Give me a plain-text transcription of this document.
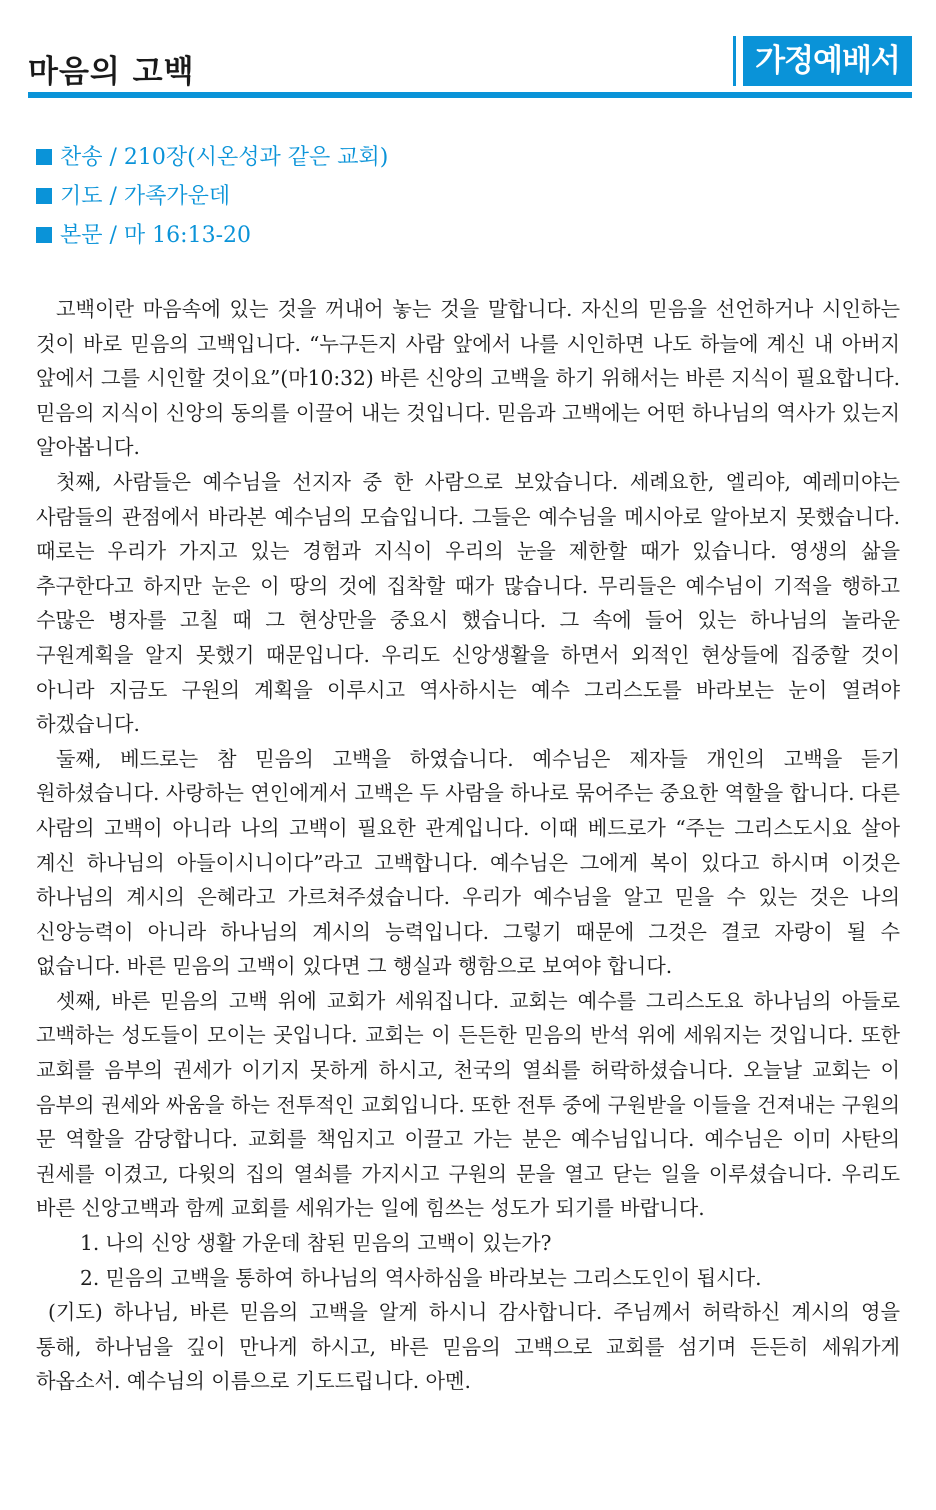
마음의 고백	가정예배서
찬송 / 210장(시온성과 같은 교회)
기도 / 가족가운데
본문 / 마 16:13-20

고백이란 마음속에 있는 것을 꺼내어 놓는 것을 말합니다. 자신의 믿음을 선언하거나 시인하는 것이 바로 믿음의 고백입니다. “누구든지 사람 앞에서 나를 시인하면 나도 하늘에 계신 내 아버지 앞에서 그를 시인할 것이요”(마10:32) 바른 신앙의 고백을 하기 위해서는 바른 지식이 필요합니다. 믿음의 지식이 신앙의 동의를 이끌어 내는 것입니다. 믿음과 고백에는 어떤 하나님의 역사가 있는지 알아봅니다.

첫째, 사람들은 예수님을 선지자 중 한 사람으로 보았습니다. 세례요한, 엘리야, 예레미야는 사람들의 관점에서 바라본 예수님의 모습입니다. 그들은 예수님을 메시아로 알아보지 못했습니다. 때로는 우리가 가지고 있는 경험과 지식이 우리의 눈을 제한할 때가 있습니다. 영생의 삶을 추구한다고 하지만 눈은 이 땅의 것에 집착할 때가 많습니다. 무리들은 예수님이 기적을 행하고 수많은 병자를 고칠 때 그 현상만을 중요시 했습니다. 그 속에 들어 있는 하나님의 놀라운 구원계획을 알지 못했기 때문입니다. 우리도 신앙생활을 하면서 외적인 현상들에 집중할 것이 아니라 지금도 구원의 계획을 이루시고 역사하시는 예수 그리스도를 바라보는 눈이 열려야 하겠습니다.

둘째, 베드로는 참 믿음의 고백을 하였습니다. 예수님은 제자들 개인의 고백을 듣기 원하셨습니다. 사랑하는 연인에게서 고백은 두 사람을 하나로 묶어주는 중요한 역할을 합니다. 다른 사람의 고백이 아니라 나의 고백이 필요한 관계입니다. 이때 베드로가 “주는 그리스도시요 살아 계신 하나님의 아들이시니이다”라고 고백합니다. 예수님은 그에게 복이 있다고 하시며 이것은 하나님의 계시의 은혜라고 가르쳐주셨습니다. 우리가 예수님을 알고 믿을 수 있는 것은 나의 신앙능력이 아니라 하나님의 계시의 능력입니다. 그렇기 때문에 그것은 결코 자랑이 될 수 없습니다. 바른 믿음의 고백이 있다면 그 행실과 행함으로 보여야 합니다.

셋째, 바른 믿음의 고백 위에 교회가 세워집니다. 교회는 예수를 그리스도요 하나님의 아들로 고백하는 성도들이 모이는 곳입니다. 교회는 이 든든한 믿음의 반석 위에 세워지는 것입니다. 또한 교회를 음부의 권세가 이기지 못하게 하시고, 천국의 열쇠를 허락하셨습니다. 오늘날 교회는 이 음부의 권세와 싸움을 하는 전투적인 교회입니다. 또한 전투 중에 구원받을 이들을 건져내는 구원의 문 역할을 감당합니다. 교회를 책임지고 이끌고 가는 분은 예수님입니다. 예수님은 이미 사탄의 권세를 이겼고, 다윗의 집의 열쇠를 가지시고 구원의 문을 열고 닫는 일을 이루셨습니다. 우리도 바른 신앙고백과 함께 교회를 세워가는 일에 힘쓰는 성도가 되기를 바랍니다.

1. 나의 신앙 생활 가운데 참된 믿음의 고백이 있는가?

2. 믿음의 고백을 통하여 하나님의 역사하심을 바라보는 그리스도인이 됩시다.

(기도) 하나님, 바른 믿음의 고백을 알게 하시니 감사합니다. 주님께서 허락하신 계시의 영을 통해, 하나님을 깊이 만나게 하시고, 바른 믿음의 고백으로 교회를 섬기며 든든히 세워가게 하옵소서. 예수님의 이름으로 기도드립니다. 아멘.
